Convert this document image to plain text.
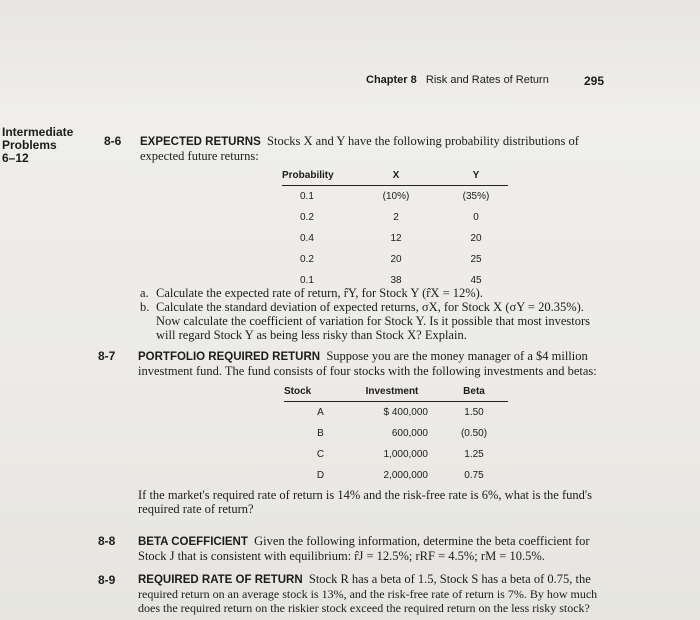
Chapter 8 Risk and Rates of Return	295
Intermediate
Problems
6–12
8-6 EXPECTED RETURNS Stocks X and Y have the following probability distributions of
expected future returns:
Probability	X	Y
0.1	(10%)	(35%)
0.2	2	0
0.4	12	20
0.2	20	25
0.1	38	45
a. Calculate the expected rate of return, r̂Y, for Stock Y (r̂X = 12%).
b. Calculate the standard deviation of expected returns, σX, for Stock X (σY = 20.35%).
Now calculate the coefficient of variation for Stock Y. Is it possible that most investors
will regard Stock Y as being less risky than Stock X? Explain.
8-7 PORTFOLIO REQUIRED RETURN Suppose you are the money manager of a $4 million
investment fund. The fund consists of four stocks with the following investments and betas:
Stock	Investment	Beta
A	$ 400,000	1.50
B	600,000	(0.50)
C	1,000,000	1.25
D	2,000,000	0.75
If the market's required rate of return is 14% and the risk-free rate is 6%, what is the fund's
required rate of return?
8-8 BETA COEFFICIENT Given the following information, determine the beta coefficient for
Stock J that is consistent with equilibrium: r̂J = 12.5%; rRF = 4.5%; rM = 10.5%.
8-9 REQUIRED RATE OF RETURN Stock R has a beta of 1.5, Stock S has a beta of 0.75, the
required return on an average stock is 13%, and the risk-free rate of return is 7%. By how much
does the required return on the riskier stock exceed the required return on the less risky stock?
